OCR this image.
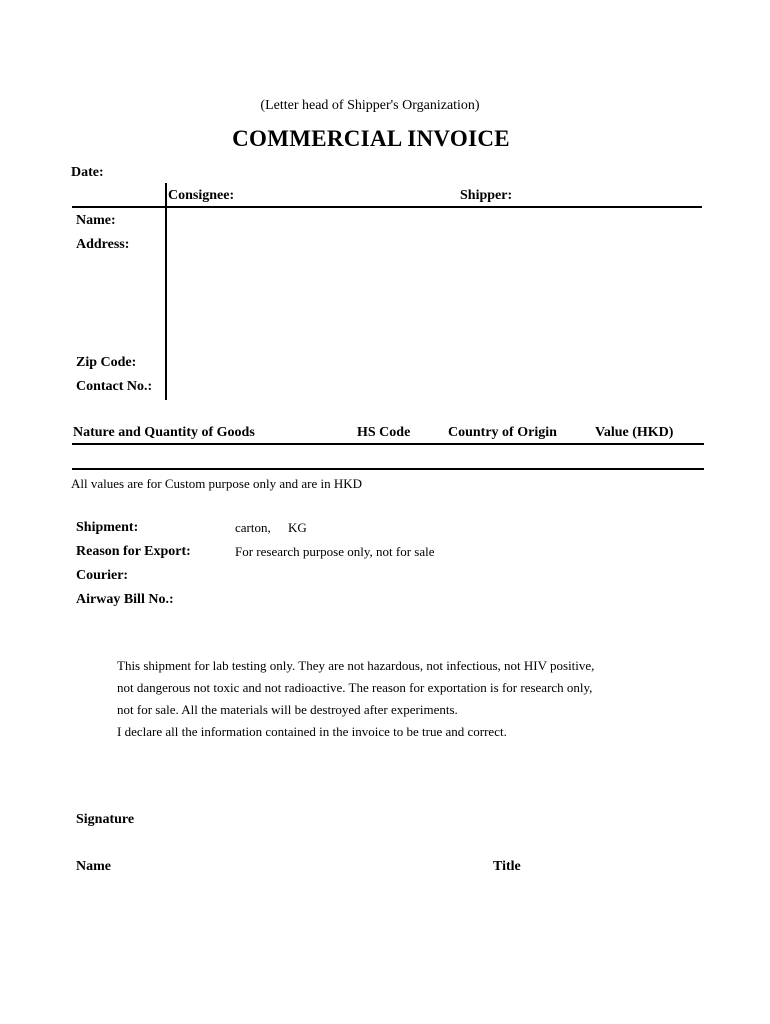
(Letter head of Shipper's Organization)
COMMERCIAL INVOICE
Date:
Consignee:	Shipper:
Name:
Address:
Zip Code:
Contact No.:
Nature and Quantity of Goods	HS Code	Country of Origin	Value (HKD)
All values are for Custom purpose only and are in HKD
Shipment:	carton, KG
Reason for Export:	For research purpose only, not for sale
Courier:
Airway Bill No.:
This shipment for lab testing only. They are not hazardous, not infectious, not HIV positive,
not dangerous not toxic and not radioactive. The reason for exportation is for research only,
not for sale. All the materials will be destroyed after experiments.
I declare all the information contained in the invoice to be true and correct.
Signature
Name	Title
